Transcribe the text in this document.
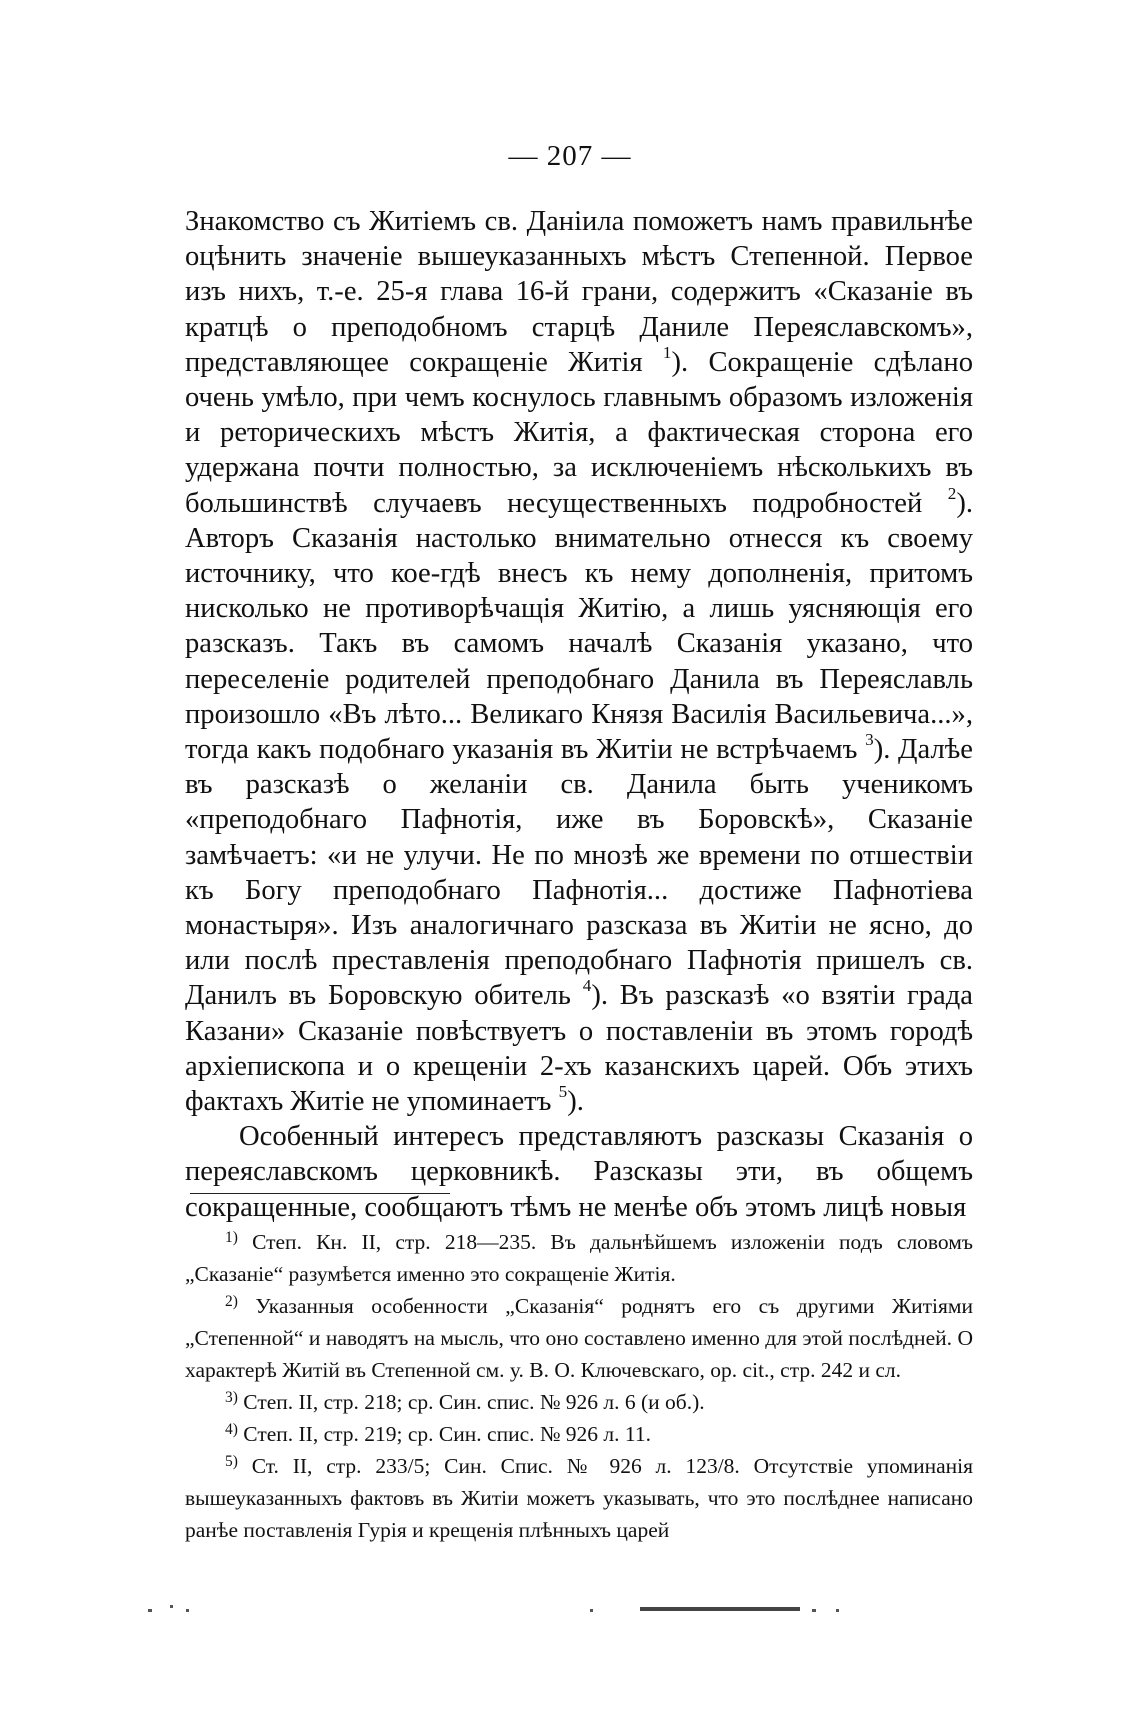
— 207 —

Знакомство съ Житіемъ св. Даніила поможетъ намъ правильнѣе оцѣнить значеніе вышеуказанныхъ мѣстъ Степенной. Первое изъ нихъ, т.-е. 25-я глава 16-й грани, содержитъ «Сказаніе въ кратцѣ о преподобномъ старцѣ Даниле Переяславскомъ», представляющее сокращеніе Житія $^1$). Сокращеніе сдѣлано очень умѣло, при чемъ коснулось главнымъ образомъ изложенія и реторическихъ мѣстъ Житія, а фактическая сторона его удержана почти полностью, за исключеніемъ нѣсколькихъ въ большинствѣ случаевъ несущественныхъ подробностей $^2$). Авторъ Сказанія настолько внимательно отнесся къ своему источнику, что кое-гдѣ внесъ къ нему дополненія, притомъ нисколько не противорѣчащія Житію, а лишь уясняющія его разсказъ. Такъ въ самомъ началѣ Сказанія указано, что переселеніе родителей преподобнаго Данила въ Переяславль произошло «Въ лѣто... Великаго Князя Василія Васильевича...», тогда какъ подобнаго указанія въ Житіи не встрѣчаемъ $^3$). Далѣе въ разсказѣ о желаніи св. Данила быть ученикомъ «преподобнаго Пафнотія, иже въ Боровскѣ», Сказаніе замѣчаетъ: «и не улучи. Не по мнозѣ же времени по отшествіи къ Богу преподобнаго Пафнотія... достиже Пафнотіева монастыря». Изъ аналогичнаго разсказа въ Житіи не ясно, до или послѣ преставленія преподобнаго Пафнотія пришелъ св. Данилъ въ Боровскую обитель $^4$). Въ разсказѣ «о взятіи града Казани» Сказаніе повѣствуетъ о поставленіи въ этомъ городѣ архіепископа и о крещеніи 2-хъ казанскихъ царей. Объ этихъ фактахъ Житіе не упоминаетъ $^5$).

Особенный интересъ представляютъ разсказы Сказанія о переяславскомъ церковникѣ. Разсказы эти, въ общемъ сокращенные, сообщаютъ тѣмъ не менѣе объ этомъ лицѣ новыя

$^{1)}$ Степ. Кн. II, стр. 218—235. Въ дальнѣйшемъ изложеніи подъ словомъ „Сказаніе“ разумѣется именно это сокращеніе Житія.

$^{2)}$ Указанныя особенности „Сказанія“ роднятъ его съ другими Житіями „Степенной“ и наводятъ на мысль, что оно составлено именно для этой послѣдней. О характерѣ Житій въ Степенной см. у. В. О. Ключевскаго, op. cit., стр. 242 и сл.

$^{3)}$ Степ. II, стр. 218; ср. Син. спис. № 926 л. 6 (и об.).

$^{4)}$ Степ. II, стр. 219; ср. Син. спис. № 926 л. 11.

$^{5)}$ Ст. II, стр. 233/5; Син. Спис. № 926 л. 123/8. Отсутствіе упоминанія вышеуказанныхъ фактовъ въ Житіи можетъ указывать, что это послѣднее написано ранѣе поставленія Гурія и крещенія плѣнныхъ царей
